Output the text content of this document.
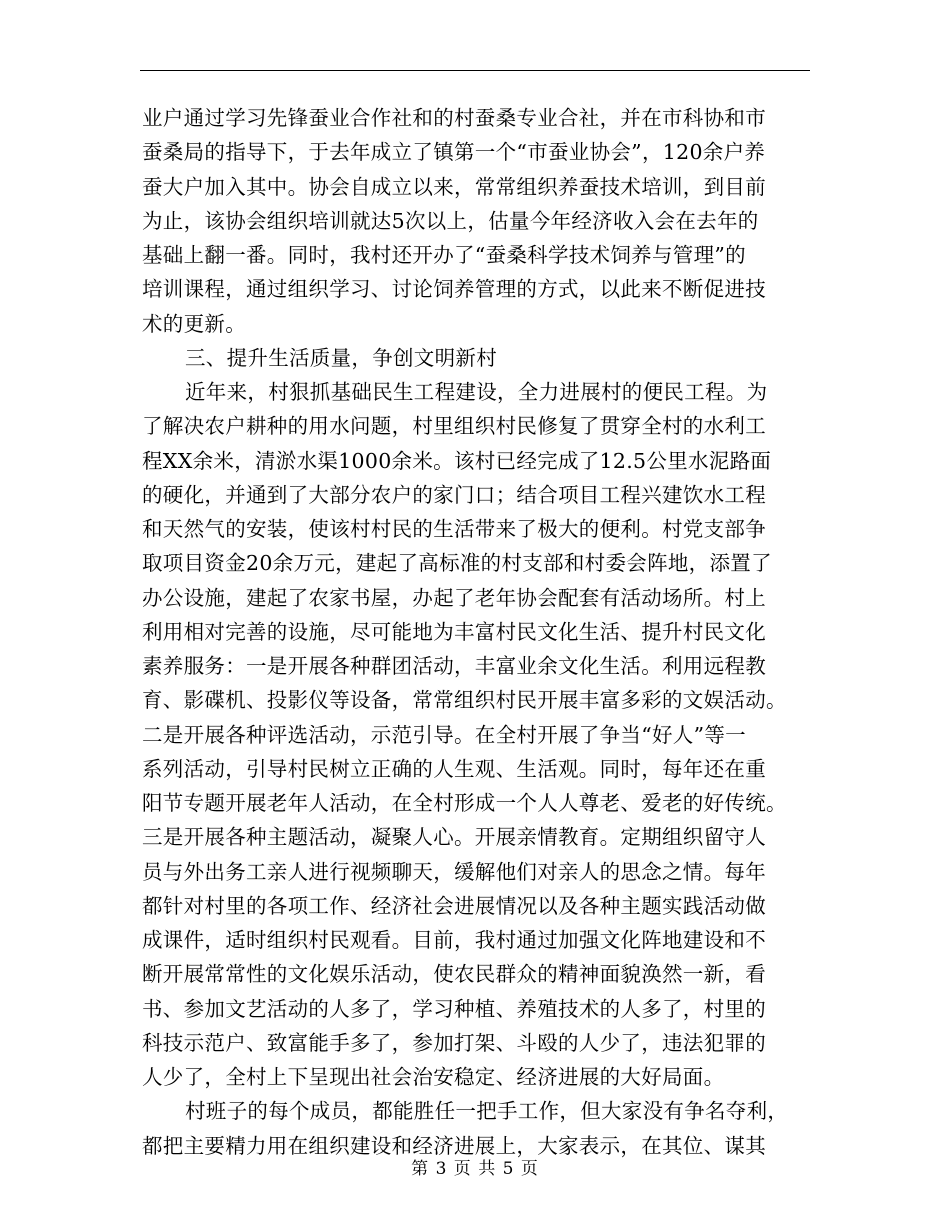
业户通过学习先锋蚕业合作社和的村蚕桑专业合社，并在市科协和市
蚕桑局的指导下，于去年成立了镇第一个“市蚕业协会”，120余户养
蚕大户加入其中。协会自成立以来，常常组织养蚕技术培训，到目前
为止，该协会组织培训就达5次以上，估量今年经济收入会在去年的
基础上翻一番。同时，我村还开办了“蚕桑科学技术饲养与管理”的
培训课程，通过组织学习、讨论饲养管理的方式，以此来不断促进技
术的更新。
三、提升生活质量，争创文明新村
近年来，村狠抓基础民生工程建设，全力进展村的便民工程。为
了解决农户耕种的用水问题，村里组织村民修复了贯穿全村的水利工
程XX余米，清淤水渠1000余米。该村已经完成了12.5公里水泥路面
的硬化，并通到了大部分农户的家门口；结合项目工程兴建饮水工程
和天然气的安装，使该村村民的生活带来了极大的便利。村党支部争
取项目资金20余万元，建起了高标准的村支部和村委会阵地，添置了
办公设施，建起了农家书屋，办起了老年协会配套有活动场所。村上
利用相对完善的设施，尽可能地为丰富村民文化生活、提升村民文化
素养服务：一是开展各种群团活动，丰富业余文化生活。利用远程教
育、影碟机、投影仪等设备，常常组织村民开展丰富多彩的文娱活动。
二是开展各种评选活动，示范引导。在全村开展了争当“好人”等一
系列活动，引导村民树立正确的人生观、生活观。同时，每年还在重
阳节专题开展老年人活动，在全村形成一个人人尊老、爱老的好传统。
三是开展各种主题活动，凝聚人心。开展亲情教育。定期组织留守人
员与外出务工亲人进行视频聊天，缓解他们对亲人的思念之情。每年
都针对村里的各项工作、经济社会进展情况以及各种主题实践活动做
成课件，适时组织村民观看。目前，我村通过加强文化阵地建设和不
断开展常常性的文化娱乐活动，使农民群众的精神面貌涣然一新，看
书、参加文艺活动的人多了，学习种植、养殖技术的人多了，村里的
科技示范户、致富能手多了，参加打架、斗殴的人少了，违法犯罪的
人少了，全村上下呈现出社会治安稳定、经济进展的大好局面。
村班子的每个成员，都能胜任一把手工作，但大家没有争名夺利，
都把主要精力用在组织建设和经济进展上，大家表示，在其位、谋其
第 3 页 共 5 页
